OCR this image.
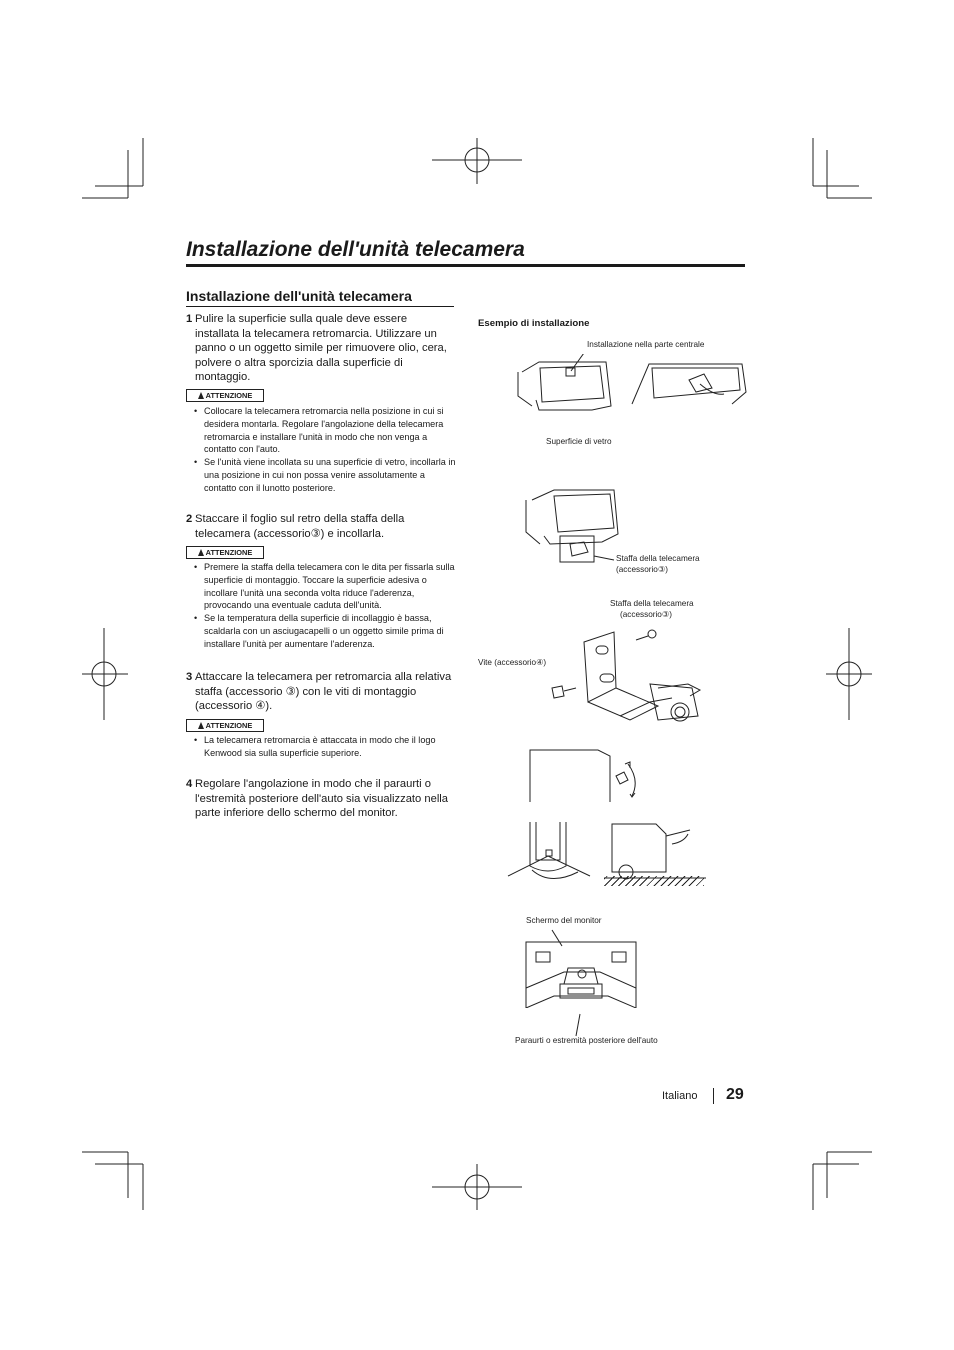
Installazione dell'unità telecamera
Installazione dell'unità telecamera
1 Pulire la superficie sulla quale deve essere installata la telecamera retromarcia. Utilizzare un panno o un oggetto simile per rimuovere olio, cera, polvere o altra sporcizia dalla superficie di montaggio.
ATTENZIONE
• Collocare la telecamera retromarcia nella posizione in cui si desidera montarla. Regolare l'angolazione della telecamera retromarcia e installare l'unità in modo che non venga a contatto con l'auto.
• Se l'unità viene incollata su una superficie di vetro, incollarla in una posizione in cui non possa venire assolutamente a contatto con il lunotto posteriore.
2 Staccare il foglio sul retro della staffa della telecamera (accessorio③) e incollarla.
ATTENZIONE
• Premere la staffa della telecamera con le dita per fissarla sulla superficie di montaggio. Toccare la superficie adesiva o incollare l'unità una seconda volta riduce l'aderenza, provocando una eventuale caduta dell'unità.
• Se la temperatura della superficie di incollaggio è bassa, scaldarla con un asciugacapelli o un oggetto simile prima di installare l'unità per aumentare l'aderenza.
3 Attaccare la telecamera per retromarcia alla relativa staffa (accessorio ③) con le viti di montaggio (accessorio ④).
ATTENZIONE
• La telecamera retromarcia è attaccata in modo che il logo Kenwood sia sulla superficie superiore.
4 Regolare l'angolazione in modo che il paraurti o l'estremità posteriore dell'auto sia visualizzato nella parte inferiore dello schermo del monitor.
Esempio di installazione
Installazione nella parte centrale
Superficie di vetro
Staffa della telecamera
(accessorio③)
Staffa della telecamera
(accessorio③)
Vite (accessorio④)
Schermo del monitor
Paraurti o estremità posteriore dell'auto
Italiano 29
